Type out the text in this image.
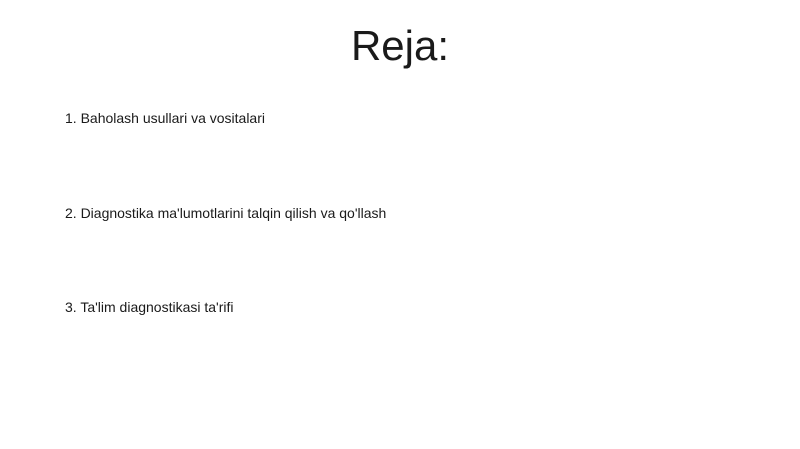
Reja:
1. Baholash usullari va vositalari
2. Diagnostika ma'lumotlarini talqin qilish va qo'llash
3. Ta'lim diagnostikasi ta'rifi
